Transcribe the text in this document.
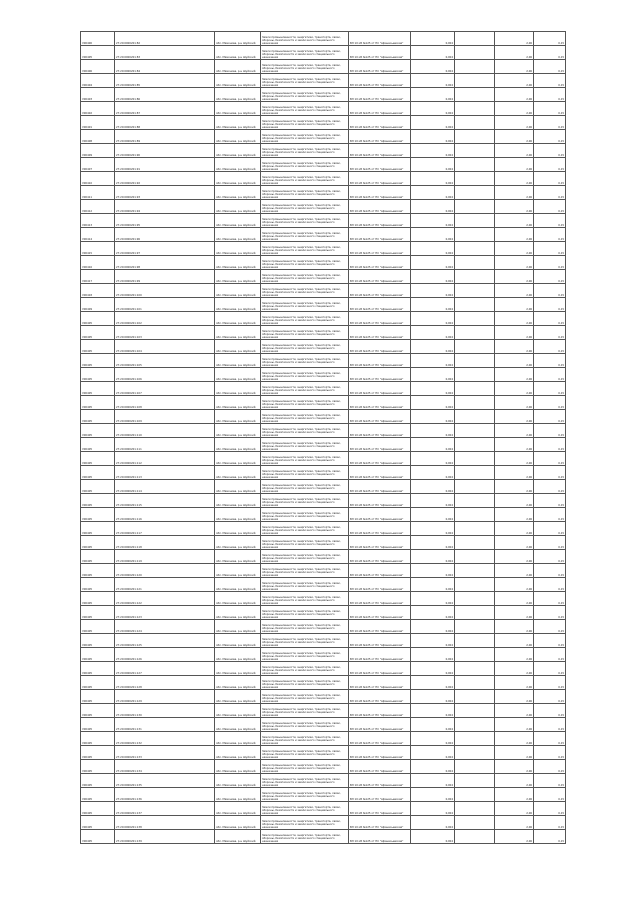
V00400	27:20:0000201:82	обл. Мамонова, р-н Шуйский	Земли промышленности, энергетики, транспорта, связи, обороны, безопасности и земли иного специального назначения	ВЛ 10 кВ №125 от ПС "Афанасьевская"	0,004		2,06	0,15
V00405	27:20:0000201:83	обл. Мамонова, р-н Шуйский	Земли промышленности, энергетики, транспорта, связи, обороны, безопасности и земли иного специального назначения	ВЛ 10 кВ №125 от ПС "Афанасьевская"	0,004		2,06	0,15
V00406	27:20:0000201:84	обл. Мамонова, р-н Шуйский	Земли промышленности, энергетики, транспорта, связи, обороны, безопасности и земли иного специального назначения	ВЛ 10 кВ №125 от ПС "Афанасьевская"	0,004		2,06	0,15
V00404	27:20:0000201:85	обл. Мамонова, р-н Шуйский	Земли промышленности, энергетики, транспорта, связи, обороны, безопасности и земли иного специального назначения	ВЛ 10 кВ №125 от ПС "Афанасьевская"	0,004		2,06	0,15
V00403	27:20:0000201:86	обл. Мамонова, р-н Шуйский	Земли промышленности, энергетики, транспорта, связи, обороны, безопасности и земли иного специального назначения	ВЛ 10 кВ №125 от ПС "Афанасьевская"	0,004		2,06	0,15
V00402	27:20:0000201:87	обл. Мамонова, р-н Шуйский	Земли промышленности, энергетики, транспорта, связи, обороны, безопасности и земли иного специального назначения	ВЛ 10 кВ №125 от ПС "Афанасьевская"	0,004		2,06	0,15
V00401	27:20:0000201:88	обл. Мамонова, р-н Шуйский	Земли промышленности, энергетики, транспорта, связи, обороны, безопасности и земли иного специального назначения	ВЛ 10 кВ №125 от ПС "Афанасьевская"	0,004		2,06	0,15
V00408	27:20:0000201:89	обл. Мамонова, р-н Шуйский	Земли промышленности, энергетики, транспорта, связи, обороны, безопасности и земли иного специального назначения	ВЛ 10 кВ №125 от ПС "Афанасьевская"	0,004		2,06	0,15
V00409	27:20:0000201:90	обл. Мамонова, р-н Шуйский	Земли промышленности, энергетики, транспорта, связи, обороны, безопасности и земли иного специального назначения	ВЛ 10 кВ №125 от ПС "Афанасьевская"	0,004		2,06	0,15
V00407	27:20:0000201:91	обл. Мамонова, р-н Шуйский	Земли промышленности, энергетики, транспорта, связи, обороны, безопасности и земли иного специального назначения	ВЛ 10 кВ №125 от ПС "Афанасьевская"	0,004		2,06	0,15
V00410	27:20:0000201:92	обл. Мамонова, р-н Шуйский	Земли промышленности, энергетики, транспорта, связи, обороны, безопасности и земли иного специального назначения	ВЛ 10 кВ №125 от ПС "Афанасьевская"	0,004		2,06	0,15
V00411	27:20:0000201:93	обл. Мамонова, р-н Шуйский	Земли промышленности, энергетики, транспорта, связи, обороны, безопасности и земли иного специального назначения	ВЛ 10 кВ №125 от ПС "Афанасьевская"	0,004		2,06	0,15
V00412	27:20:0000201:94	обл. Мамонова, р-н Шуйский	Земли промышленности, энергетики, транспорта, связи, обороны, безопасности и земли иного специального назначения	ВЛ 10 кВ №125 от ПС "Афанасьевская"	0,004		2,06	0,15
V00413	27:20:0000201:95	обл. Мамонова, р-н Шуйский	Земли промышленности, энергетики, транспорта, связи, обороны, безопасности и земли иного специального назначения	ВЛ 10 кВ №125 от ПС "Афанасьевская"	0,004		2,06	0,15
V00414	27:20:0000201:96	обл. Мамонова, р-н Шуйский	Земли промышленности, энергетики, транспорта, связи, обороны, безопасности и земли иного специального назначения	ВЛ 10 кВ №125 от ПС "Афанасьевская"	0,004		2,06	0,15
V00415	27:20:0000201:97	обл. Мамонова, р-н Шуйский	Земли промышленности, энергетики, транспорта, связи, обороны, безопасности и земли иного специального назначения	ВЛ 10 кВ №125 от ПС "Афанасьевская"	0,004		2,06	0,15
V00416	27:20:0000201:98	обл. Мамонова, р-н Шуйский	Земли промышленности, энергетики, транспорта, связи, обороны, безопасности и земли иного специального назначения	ВЛ 10 кВ №125 от ПС "Афанасьевская"	0,004		2,06	0,15
V00417	27:20:0000201:99	обл. Мамонова, р-н Шуйский	Земли промышленности, энергетики, транспорта, связи, обороны, безопасности и земли иного специального назначения	ВЛ 10 кВ №125 от ПС "Афанасьевская"	0,004		2,06	0,15
V00418	27:20:0000201:100	обл. Мамонова, р-н Шуйский	Земли промышленности, энергетики, транспорта, связи, обороны, безопасности и земли иного специального назначения	ВЛ 10 кВ №125 от ПС "Афанасьевская"	0,004		2,06	0,15
V00409	27:20:0000201:101	обл. Мамонова, р-н Шуйский	Земли промышленности, энергетики, транспорта, связи, обороны, безопасности и земли иного специального назначения	ВЛ 10 кВ №125 от ПС "Афанасьевская"	0,004		2,06	0,15
V00405	27:20:0000201:102	обл. Мамонова, р-н Шуйский	Земли промышленности, энергетики, транспорта, связи, обороны, безопасности и земли иного специального назначения	ВЛ 10 кВ №125 от ПС "Афанасьевская"	0,004		2,06	0,15
V00405	27:20:0000201:103	обл. Мамонова, р-н Шуйский	Земли промышленности, энергетики, транспорта, связи, обороны, безопасности и земли иного специального назначения	ВЛ 10 кВ №125 от ПС "Афанасьевская"	0,004		2,06	0,15
V00405	27:20:0000201:104	обл. Мамонова, р-н Шуйский	Земли промышленности, энергетики, транспорта, связи, обороны, безопасности и земли иного специального назначения	ВЛ 10 кВ №125 от ПС "Афанасьевская"	0,004		2,06	0,15
V00405	27:20:0000201:105	обл. Мамонова, р-н Шуйский	Земли промышленности, энергетики, транспорта, связи, обороны, безопасности и земли иного специального назначения	ВЛ 10 кВ №125 от ПС "Афанасьевская"	0,004		2,06	0,15
V00405	27:20:0000201:106	обл. Мамонова, р-н Шуйский	Земли промышленности, энергетики, транспорта, связи, обороны, безопасности и земли иного специального назначения	ВЛ 10 кВ №125 от ПС "Афанасьевская"	0,004		2,06	0,15
V00405	27:20:0000201:107	обл. Мамонова, р-н Шуйский	Земли промышленности, энергетики, транспорта, связи, обороны, безопасности и земли иного специального назначения	ВЛ 10 кВ №125 от ПС "Афанасьевская"	0,004		2,06	0,15
V00405	27:20:0000201:108	обл. Мамонова, р-н Шуйский	Земли промышленности, энергетики, транспорта, связи, обороны, безопасности и земли иного специального назначения	ВЛ 10 кВ №125 от ПС "Афанасьевская"	0,004		2,06	0,15
V00405	27:20:0000201:109	обл. Мамонова, р-н Шуйский	Земли промышленности, энергетики, транспорта, связи, обороны, безопасности и земли иного специального назначения	ВЛ 10 кВ №125 от ПС "Афанасьевская"	0,004		2,06	0,15
V00405	27:20:0000201:110	обл. Мамонова, р-н Шуйский	Земли промышленности, энергетики, транспорта, связи, обороны, безопасности и земли иного специального назначения	ВЛ 10 кВ №125 от ПС "Афанасьевская"	0,004		2,06	0,15
V00405	27:20:0000201:111	обл. Мамонова, р-н Шуйский	Земли промышленности, энергетики, транспорта, связи, обороны, безопасности и земли иного специального назначения	ВЛ 10 кВ №125 от ПС "Афанасьевская"	0,004		2,06	0,15
V00405	27:20:0000201:112	обл. Мамонова, р-н Шуйский	Земли промышленности, энергетики, транспорта, связи, обороны, безопасности и земли иного специального назначения	ВЛ 10 кВ №125 от ПС "Афанасьевская"	0,004		2,06	0,15
V00405	27:20:0000201:113	обл. Мамонова, р-н Шуйский	Земли промышленности, энергетики, транспорта, связи, обороны, безопасности и земли иного специального назначения	ВЛ 10 кВ №125 от ПС "Афанасьевская"	0,004		2,06	0,15
V00405	27:20:0000201:114	обл. Мамонова, р-н Шуйский	Земли промышленности, энергетики, транспорта, связи, обороны, безопасности и земли иного специального назначения	ВЛ 10 кВ №125 от ПС "Афанасьевская"	0,004		2,06	0,15
V00405	27:20:0000201:115	обл. Мамонова, р-н Шуйский	Земли промышленности, энергетики, транспорта, связи, обороны, безопасности и земли иного специального назначения	ВЛ 10 кВ №125 от ПС "Афанасьевская"	0,004		2,06	0,15
V00405	27:20:0000201:116	обл. Мамонова, р-н Шуйский	Земли промышленности, энергетики, транспорта, связи, обороны, безопасности и земли иного специального назначения	ВЛ 10 кВ №125 от ПС "Афанасьевская"	0,004		2,06	0,15
V00405	27:20:0000201:117	обл. Мамонова, р-н Шуйский	Земли промышленности, энергетики, транспорта, связи, обороны, безопасности и земли иного специального назначения	ВЛ 10 кВ №125 от ПС "Афанасьевская"	0,004		2,06	0,15
V00405	27:20:0000201:118	обл. Мамонова, р-н Шуйский	Земли промышленности, энергетики, транспорта, связи, обороны, безопасности и земли иного специального назначения	ВЛ 10 кВ №125 от ПС "Афанасьевская"	0,004		2,06	0,15
V00405	27:20:0000201:119	обл. Мамонова, р-н Шуйский	Земли промышленности, энергетики, транспорта, связи, обороны, безопасности и земли иного специального назначения	ВЛ 10 кВ №125 от ПС "Афанасьевская"	0,004		2,06	0,15
V00405	27:20:0000201:120	обл. Мамонова, р-н Шуйский	Земли промышленности, энергетики, транспорта, связи, обороны, безопасности и земли иного специального назначения	ВЛ 10 кВ №125 от ПС "Афанасьевская"	0,004		2,06	0,15
V00405	27:20:0000201:121	обл. Мамонова, р-н Шуйский	Земли промышленности, энергетики, транспорта, связи, обороны, безопасности и земли иного специального назначения	ВЛ 10 кВ №125 от ПС "Афанасьевская"	0,004		2,06	0,15
V00405	27:20:0000201:122	обл. Мамонова, р-н Шуйский	Земли промышленности, энергетики, транспорта, связи, обороны, безопасности и земли иного специального назначения	ВЛ 10 кВ №125 от ПС "Афанасьевская"	0,004		2,06	0,15
V00405	27:20:0000201:123	обл. Мамонова, р-н Шуйский	Земли промышленности, энергетики, транспорта, связи, обороны, безопасности и земли иного специального назначения	ВЛ 10 кВ №125 от ПС "Афанасьевская"	0,004		2,06	0,15
V00405	27:20:0000201:124	обл. Мамонова, р-н Шуйский	Земли промышленности, энергетики, транспорта, связи, обороны, безопасности и земли иного специального назначения	ВЛ 10 кВ №125 от ПС "Афанасьевская"	0,004		2,06	0,15
V00405	27:20:0000201:125	обл. Мамонова, р-н Шуйский	Земли промышленности, энергетики, транспорта, связи, обороны, безопасности и земли иного специального назначения	ВЛ 10 кВ №125 от ПС "Афанасьевская"	0,004		2,06	0,15
V00405	27:20:0000201:126	обл. Мамонова, р-н Шуйский	Земли промышленности, энергетики, транспорта, связи, обороны, безопасности и земли иного специального назначения	ВЛ 10 кВ №125 от ПС "Афанасьевская"	0,004		2,06	0,15
V00405	27:20:0000201:127	обл. Мамонова, р-н Шуйский	Земли промышленности, энергетики, транспорта, связи, обороны, безопасности и земли иного специального назначения	ВЛ 10 кВ №125 от ПС "Афанасьевская"	0,004		2,06	0,15
V00405	27:20:0000201:128	обл. Мамонова, р-н Шуйский	Земли промышленности, энергетики, транспорта, связи, обороны, безопасности и земли иного специального назначения	ВЛ 10 кВ №125 от ПС "Афанасьевская"	0,004		2,06	0,15
V00405	27:20:0000201:129	обл. Мамонова, р-н Шуйский	Земли промышленности, энергетики, транспорта, связи, обороны, безопасности и земли иного специального назначения	ВЛ 10 кВ №125 от ПС "Афанасьевская"	0,004		2,06	0,15
V00405	27:20:0000201:130	обл. Мамонова, р-н Шуйский	Земли промышленности, энергетики, транспорта, связи, обороны, безопасности и земли иного специального назначения	ВЛ 10 кВ №125 от ПС "Афанасьевская"	0,004		2,06	0,15
V00405	27:20:0000201:131	обл. Мамонова, р-н Шуйский	Земли промышленности, энергетики, транспорта, связи, обороны, безопасности и земли иного специального назначения	ВЛ 10 кВ №125 от ПС "Афанасьевская"	0,004		2,06	0,15
V00405	27:20:0000201:132	обл. Мамонова, р-н Шуйский	Земли промышленности, энергетики, транспорта, связи, обороны, безопасности и земли иного специального назначения	ВЛ 10 кВ №125 от ПС "Афанасьевская"	0,004		2,06	0,15
V00405	27:20:0000201:133	обл. Мамонова, р-н Шуйский	Земли промышленности, энергетики, транспорта, связи, обороны, безопасности и земли иного специального назначения	ВЛ 10 кВ №125 от ПС "Афанасьевская"	0,004		2,06	0,15
V00405	27:20:0000201:134	обл. Мамонова, р-н Шуйский	Земли промышленности, энергетики, транспорта, связи, обороны, безопасности и земли иного специального назначения	ВЛ 10 кВ №125 от ПС "Афанасьевская"	0,004		2,06	0,15
V00405	27:20:0000201:135	обл. Мамонова, р-н Шуйский	Земли промышленности, энергетики, транспорта, связи, обороны, безопасности и земли иного специального назначения	ВЛ 10 кВ №125 от ПС "Афанасьевская"	0,004		2,06	0,15
V00405	27:20:0000201:136	обл. Мамонова, р-н Шуйский	Земли промышленности, энергетики, транспорта, связи, обороны, безопасности и земли иного специального назначения	ВЛ 10 кВ №125 от ПС "Афанасьевская"	0,004		2,06	0,15
V00405	27:20:0000201:137	обл. Мамонова, р-н Шуйский	Земли промышленности, энергетики, транспорта, связи, обороны, безопасности и земли иного специального назначения	ВЛ 10 кВ №125 от ПС "Афанасьевская"	0,004		2,06	0,15
V00405	27:20:0000201:138	обл. Мамонова, р-н Шуйский	Земли промышленности, энергетики, транспорта, связи, обороны, безопасности и земли иного специального назначения	ВЛ 10 кВ №125 от ПС "Афанасьевская"	0,004		2,06	0,15
V00405	27:20:0000201:139	обл. Мамонова, р-н Шуйский	Земли промышленности, энергетики, транспорта, связи, обороны, безопасности и земли иного специального назначения	ВЛ 10 кВ №125 от ПС "Афанасьевская"	0,004		2,06	0,15
